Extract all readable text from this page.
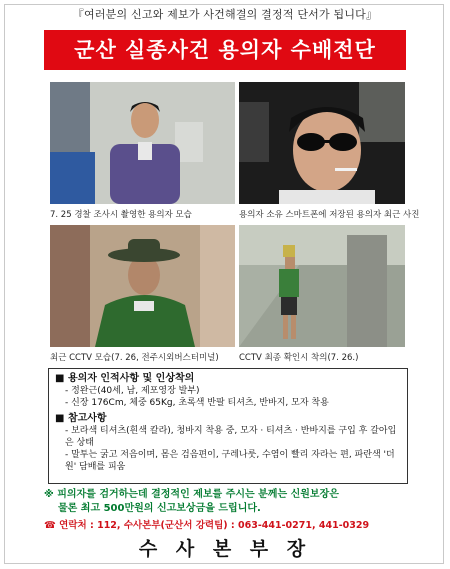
『여러분의 신고와 제보가 사건해결의 결정적 단서가 됩니다』
군산 실종사건 용의자 수배전단
7. 25 경찰 조사시 촬영한 용의자 모습	용의자 소유 스마트폰에 저장된 용의자 최근 사진
최근 CCTV 모습(7. 26, 전주시외버스터미널) CCTV 최종 확인시 착의(7. 26.)
■ 용의자 인적사항 및 인상착의
- 정완근(40세, 남, 제포영장 발부)
- 신장 176Cm, 체중 65Kg, 초록색 반팔 티셔츠, 반바지, 모자 착용
■ 참고사항
- 보라색 티셔츠(흰색 칼라), 청바지 착용 중, 모자 · 티셔츠 · 반바지를 구입 후 갈아입은 상태
- 말투는 굵고 저음이며, 몸은 검음편이, 구레나룻, 수염이 빨리 자라는 편, 파란색 '더원' 담배를 피움
※ 피의자를 검거하는데 결정적인 제보를 주시는 분께는 신원보장은
물론 최고 500만원의 신고보상금을 드립니다.
☎ 연락처 : 112, 수사본부(군산서 강력팀) : 063-441-0271, 441-0329
수 사 본 부 장
